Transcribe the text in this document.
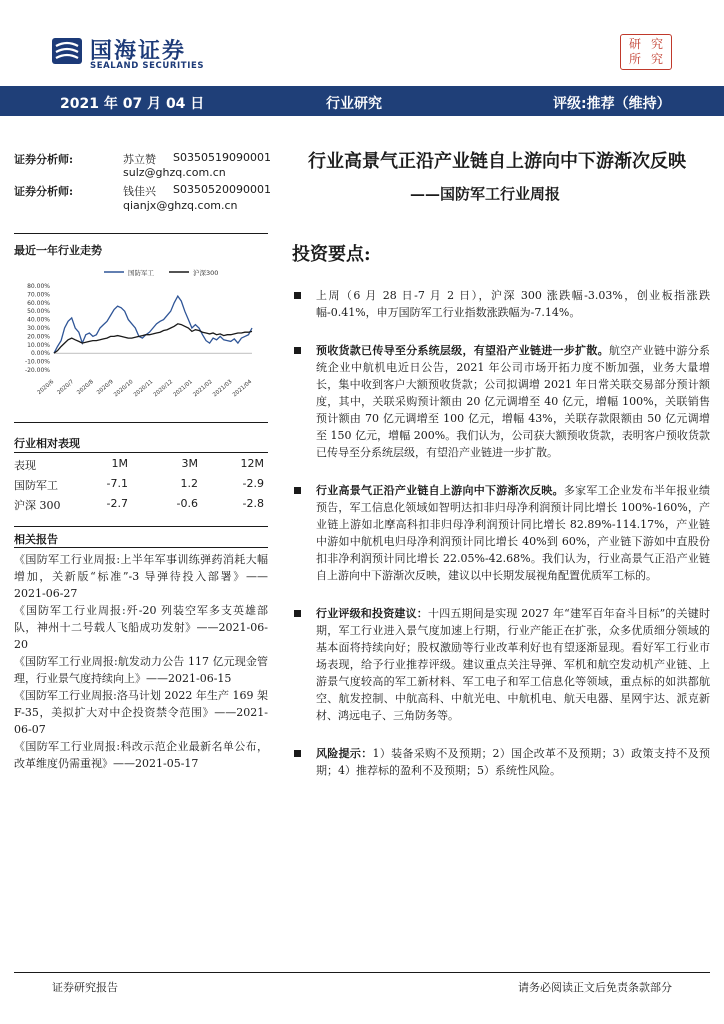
国海证券
SEALAND SECURITIES
研 究
所 究
2021 年 07 月 04 日	行业研究	评级:推荐（维持）
证券分析师:	苏立赞 S0350519090001
sulz@ghzq.com.cn
证券分析师:	钱佳兴 S0350520090001
qianjx@ghzq.com.cn
行业高景气正沿产业链自上游向中下游渐次反映
——国防军工行业周报
最近一年行业走势
国防军工	沪深300
80.00%
70.00%
60.00%
50.00%
40.00%
30.00%
20.00%
10.00%
0.00%
-10.00%
-20.00%
2020/6 2020/7 2020/8 2020/9
2020/10
2020/11
2020/12
2021/01
2021/02
2021/03
2021/04
行业相对表现
表现	1M	3M	12M
国防军工	-7.1	1.2	-2.9
沪深 300	-2.7	-0.6	-2.8
相关报告
《国防军工行业周报:上半年军事训练弹药消耗大幅增加，关新版“标准”-3 导弹待投入部署》——2021-06-27
《国防军工行业周报:歼-20 列装空军多支英雄部队，神州十二号载人飞船成功发射》——2021-06-20
《国防军工行业周报:航发动力公告 117 亿元现金管理，行业景气度持续向上》——2021-06-15
《国防军工行业周报:洛马计划 2022 年生产 169 架 F-35，美拟扩大对中企投资禁令范围》——2021-06-07
《国防军工行业周报:科改示范企业最新名单公布，改革维度仍需重视》——2021-05-17
投资要点:
上周（6 月 28 日-7 月 2 日），沪深 300 涨跌幅-3.03%，创业板指涨跌幅-0.41%，申万国防军工行业指数涨跌幅为-7.14%。
预收货款已传导至分系统层级，有望沿产业链进一步扩散。航空产业链中游分系统企业中航机电近日公告，2021 年公司市场开拓力度不断加强，业务大量增长，集中收到客户大额预收货款；公司拟调增 2021 年日常关联交易部分预计额度，其中，关联采购预计额由 20 亿元调增至 40 亿元，增幅 100%，关联销售预计额由 70 亿元调增至 100 亿元，增幅 43%，关联存款限额由 50 亿元调增至 150 亿元，增幅 200%。我们认为，公司获大额预收货款，表明客户预收货款已传导至分系统层级，有望沿产业链进一步扩散。
行业高景气正沿产业链自上游向中下游渐次反映。多家军工企业发布半年报业绩预告，军工信息化领域如智明达扣非归母净利润预计同比增长 100%-160%，产业链上游如北摩高科扣非归母净利润预计同比增长 82.89%-114.17%，产业链中游如中航机电归母净利润预计同比增长 40%到 60%，产业链下游如中直股份扣非净利润预计同比增长 22.05%-42.68%。我们认为，行业高景气正沿产业链自上游向中下游渐次反映，建议以中长期发展视角配置优质军工标的。
行业评级和投资建议：十四五期间是实现 2027 年“建军百年奋斗目标”的关键时期，军工行业进入景气度加速上行期，行业产能正在扩张，众多优质细分领域的基本面将持续向好；股权激励等行业改革利好也有望逐渐显现。看好军工行业市场表现，给予行业推荐评级。建议重点关注导弹、军机和航空发动机产业链、上游景气度较高的军工新材料、军工电子和军工信息化等领域，重点标的如洪都航空、航发控制、中航高科、中航光电、中航机电、航天电器、星网宇达、派克新材、鸿远电子、三角防务等。
风险提示：1）装备采购不及预期；2）国企改革不及预期；3）政策支持不及预期；4）推荐标的盈利不及预期；5）系统性风险。
证券研究报告	请务必阅读正文后免责条款部分
